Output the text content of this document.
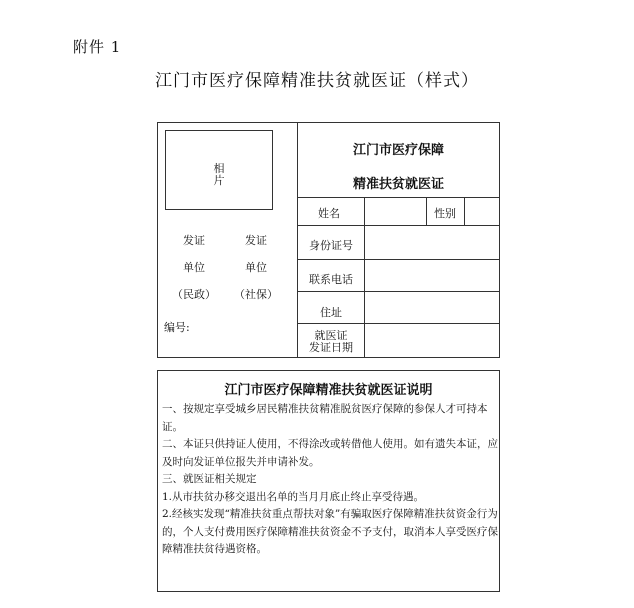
附件 1
江门市医疗保障精准扶贫就医证（样式）
相
片
发证
单位
（民政）
发证
单位
（社保）
编号:
江门市医疗保障
精准扶贫就医证
姓名	性别
身份证号
联系电话
住址
就医证
发证日期
江门市医疗保障精准扶贫就医证说明

一、按规定享受城乡居民精准扶贫精准脱贫医疗保障的参保人才可持本证。

二、本证只供持证人使用，不得涂改或转借他人使用。如有遗失本证，应及时向发证单位报失并申请补发。

三、就医证相关规定

1.从市扶贫办移交退出名单的当月月底止终止享受待遇。

2.经核实发现“精准扶贫重点帮扶对象”有骗取医疗保障精准扶贫资金行为的，个人支付费用医疗保障精准扶贫资金不予支付，取消本人享受医疗保障精准扶贫待遇资格。
